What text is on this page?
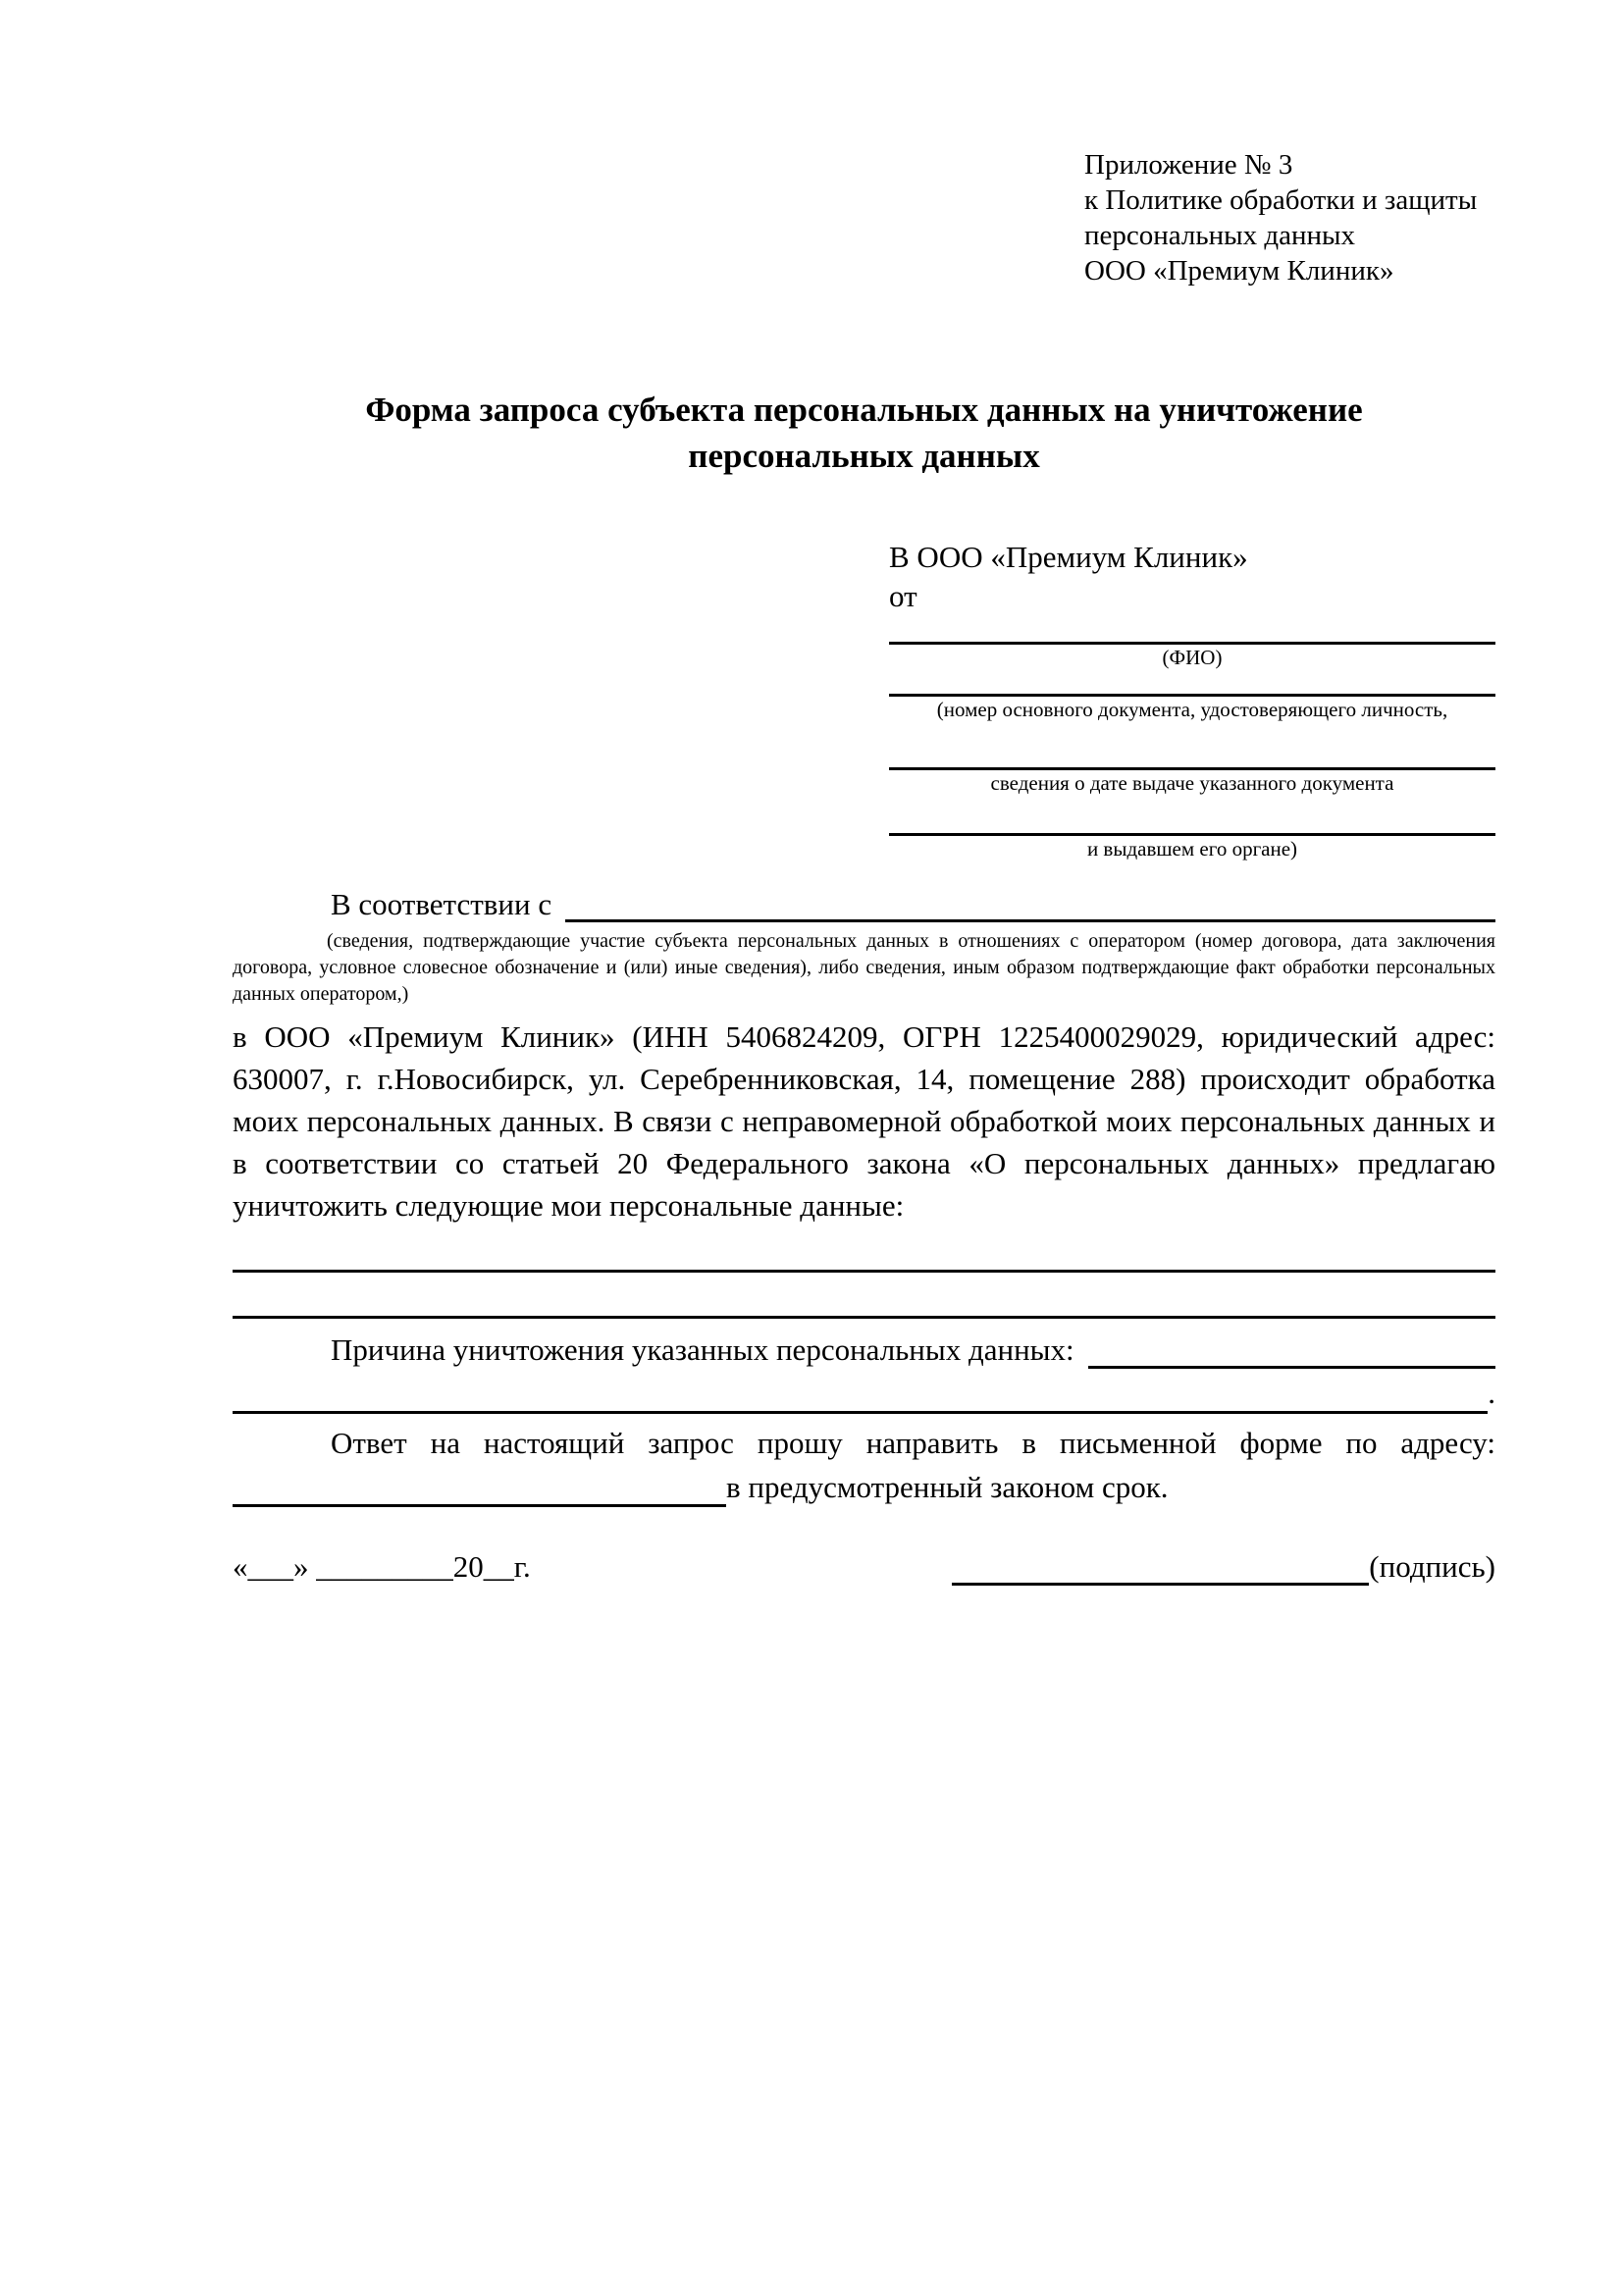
Приложение № 3
к Политике обработки и защиты
персональных данных
ООО «Премиум Клиник»
Форма запроса субъекта персональных данных на уничтожение персональных данных
В ООО «Премиум Клиник»
от
(ФИО)
(номер основного документа, удостоверяющего личность,
сведения о дате выдаче указанного документа
и выдавшем его органе)
В соответствии с

(сведения, подтверждающие участие субъекта персональных данных в отношениях с оператором (номер договора, дата заключения договора, условное словесное обозначение и (или) иные сведения), либо сведения, иным образом подтверждающие факт обработки персональных данных оператором,)

в ООО «Премиум Клиник» (ИНН 5406824209, ОГРН 1225400029029, юридический адрес: 630007, г. г.Новосибирск, ул. Серебренниковская, 14, помещение 288) происходит обработка моих персональных данных. В связи с неправомерной обработкой моих персональных данных и в соответствии со статьей 20 Федерального закона «О персональных данных» предлагаю уничтожить следующие мои персональные данные:

Причина уничтожения указанных персональных данных:
.
Ответ на настоящий запрос прошу направить в письменной форме по адресу:
в предусмотренный законом срок.
«___» _________20__г.	(подпись)
